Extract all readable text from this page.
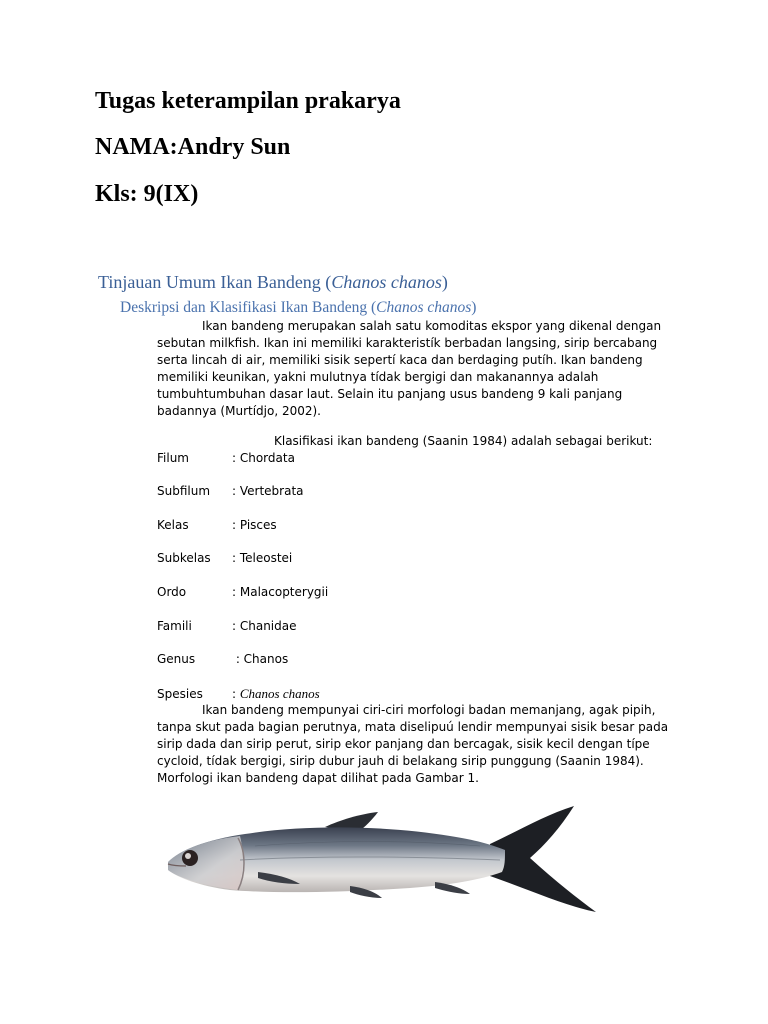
Tugas keterampilan prakarya
NAMA:Andry Sun
Kls: 9(IX)
Tinjauan Umum Ikan Bandeng (Chanos chanos)
Deskripsi dan Klasifikasi Ikan Bandeng (Chanos chanos)
Ikan bandeng merupakan salah satu komoditas ekspor yang dikenal dengan
sebutan milkfish. Ikan ini memiliki karakteristík berbadan langsing, sirip bercabang
serta lincah di air, memiliki sisik sepertí kaca dan berdaging putíh. Ikan bandeng
memiliki keunikan, yakni mulutnya tídak bergigi dan makanannya adalah
tumbuhtumbuhan dasar laut. Selain itu panjang usus bandeng 9 kali panjang
badannya (Murtídjo, 2002).
Klasifikasi ikan bandeng (Saanin 1984) adalah sebagai berikut:
Filum	: Chordata
Subfilum : Vertebrata
Kelas	: Pisces
Subkelas : Teleostei
Ordo	: Malacopterygii
Famili	: Chanidae
Genus	: Chanos
Spesies : Chanos chanos
Ikan bandeng mempunyai ciri-ciri morfologi badan memanjang, agak pipih,
tanpa skut pada bagian perutnya, mata diselipuú lendir mempunyai sisik besar pada
sirip dada dan sirip perut, sirip ekor panjang dan bercagak, sisik kecil dengan típe
cycloid, tídak bergigi, sirip dubur jauh di belakang sirip punggung (Saanin 1984).
Morfologi ikan bandeng dapat dilihat pada Gambar 1.
